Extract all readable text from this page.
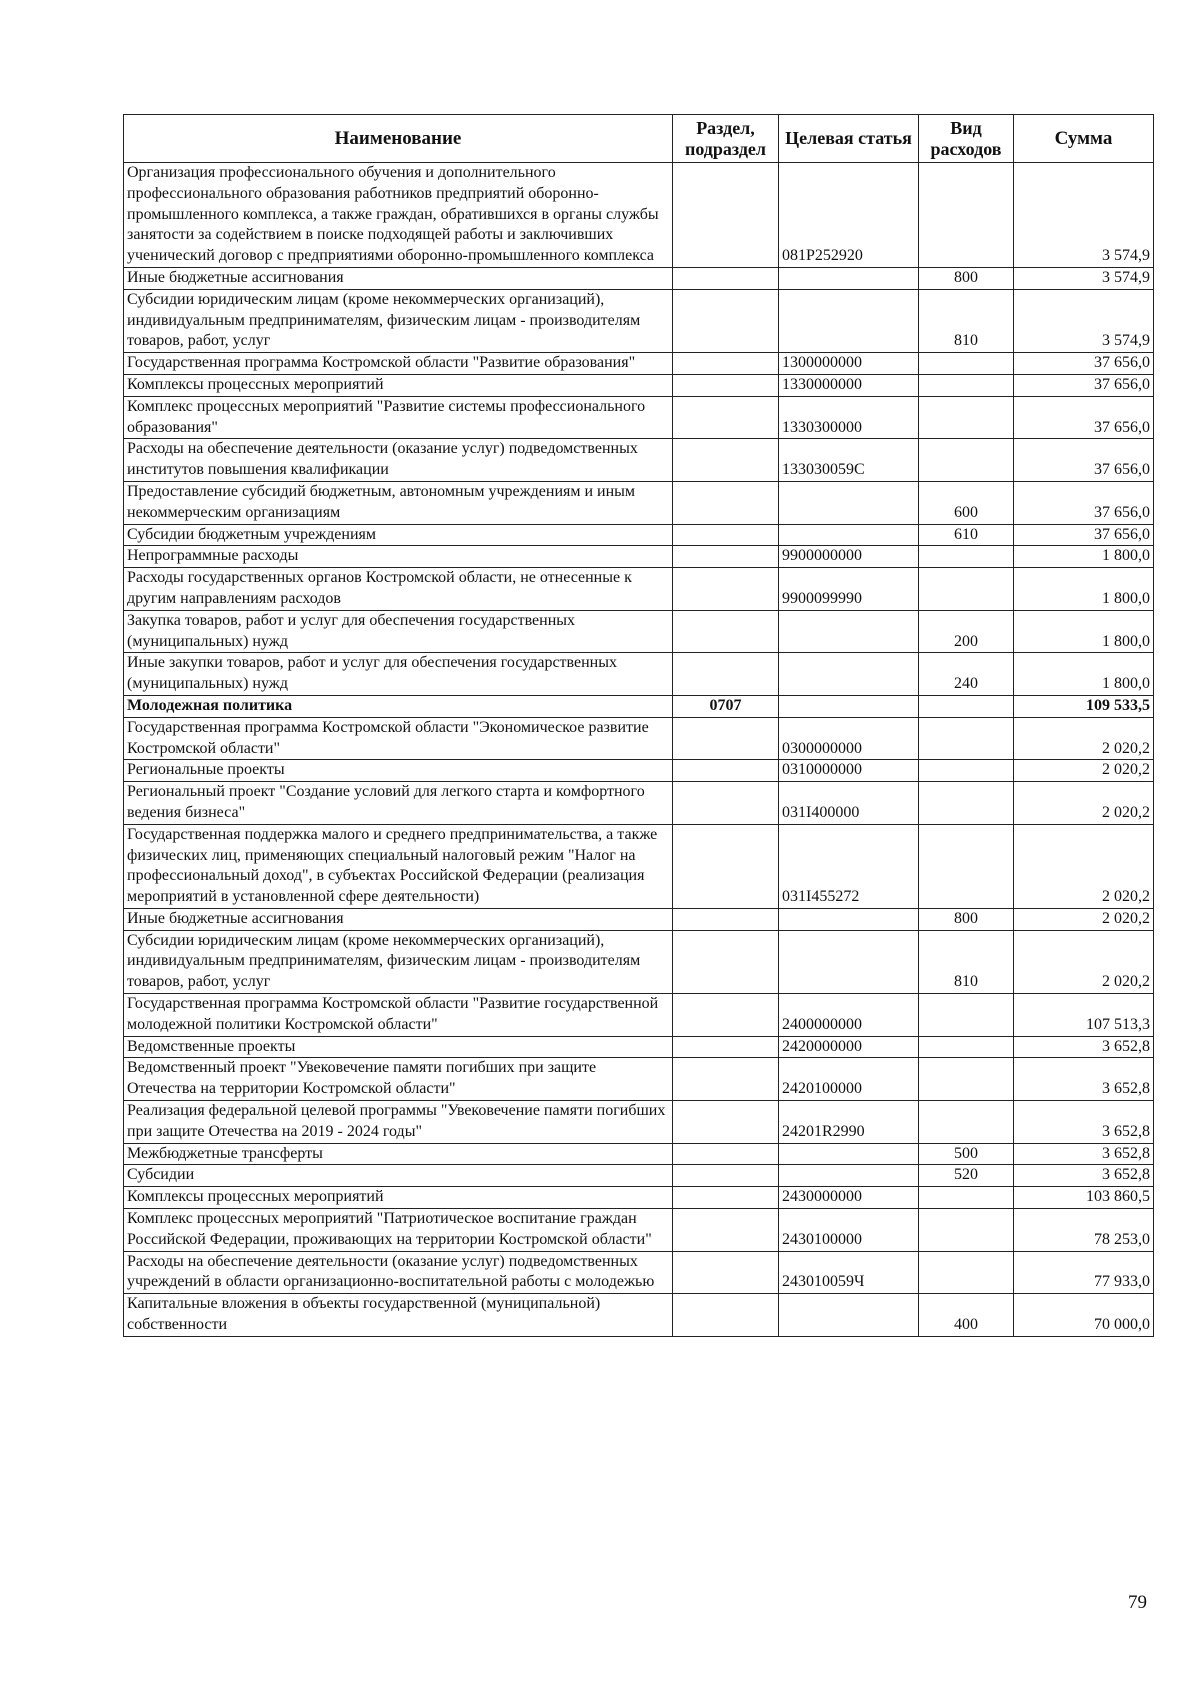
Наименование	Раздел, подраздел	Целевая статья	Вид расходов	Сумма
Организация профессионального обучения и дополнительного профессионального образования работников предприятий оборонно-промышленного комплекса, а также граждан, обратившихся в органы службы занятости за содействием в поиске подходящей работы и заключивших ученический договор с предприятиями оборонно-промышленного комплекса		081Р252920		3 574,9
Иные бюджетные ассигнования			800	3 574,9
Субсидии юридическим лицам (кроме некоммерческих организаций), индивидуальным предпринимателям, физическим лицам - производителям товаров, работ, услуг			810	3 574,9
Государственная программа Костромской области "Развитие образования"		1300000000		37 656,0
Комплексы процессных мероприятий		1330000000		37 656,0
Комплекс процессных мероприятий "Развитие системы профессионального образования"		1330300000		37 656,0
Расходы на обеспечение деятельности (оказание услуг) подведомственных институтов повышения квалификации		133030059С		37 656,0
Предоставление субсидий бюджетным, автономным учреждениям и иным некоммерческим организациям			600	37 656,0
Субсидии бюджетным учреждениям			610	37 656,0
Непрограммные расходы		9900000000		1 800,0
Расходы государственных органов Костромской области, не отнесенные к другим направлениям расходов		9900099990		1 800,0
Закупка товаров, работ и услуг для обеспечения государственных (муниципальных) нужд			200	1 800,0
Иные закупки товаров, работ и услуг для обеспечения государственных (муниципальных) нужд			240	1 800,0
Молодежная политика	0707			109 533,5
Государственная программа Костромской области "Экономическое развитие Костромской области"		0300000000		2 020,2
Региональные проекты		0310000000		2 020,2
Региональный проект "Создание условий для легкого старта и комфортного ведения бизнеса"		031I400000		2 020,2
Государственная поддержка малого и среднего предпринимательства, а также физических лиц, применяющих специальный налоговый режим "Налог на профессиональный доход", в субъектах Российской Федерации (реализация мероприятий в установленной сфере деятельности)		031I455272		2 020,2
Иные бюджетные ассигнования			800	2 020,2
Субсидии юридическим лицам (кроме некоммерческих организаций), индивидуальным предпринимателям, физическим лицам - производителям товаров, работ, услуг			810	2 020,2
Государственная программа Костромской области "Развитие государственной молодежной политики Костромской области"		2400000000		107 513,3
Ведомственные проекты		2420000000		3 652,8
Ведомственный проект "Увековечение памяти погибших при защите Отечества на территории Костромской области"		2420100000		3 652,8
Реализация федеральной целевой программы "Увековечение памяти погибших при защите Отечества на 2019 - 2024 годы"		24201R2990		3 652,8
Межбюджетные трансферты			500	3 652,8
Субсидии			520	3 652,8
Комплексы процессных мероприятий		2430000000		103 860,5
Комплекс процессных мероприятий "Патриотическое воспитание граждан Российской Федерации, проживающих на территории Костромской области"		2430100000		78 253,0
Расходы на обеспечение деятельности (оказание услуг) подведомственных учреждений в области организационно-воспитательной работы с молодежью		243010059Ч		77 933,0
Капитальные вложения в объекты государственной (муниципальной) собственности			400	70 000,0
79
